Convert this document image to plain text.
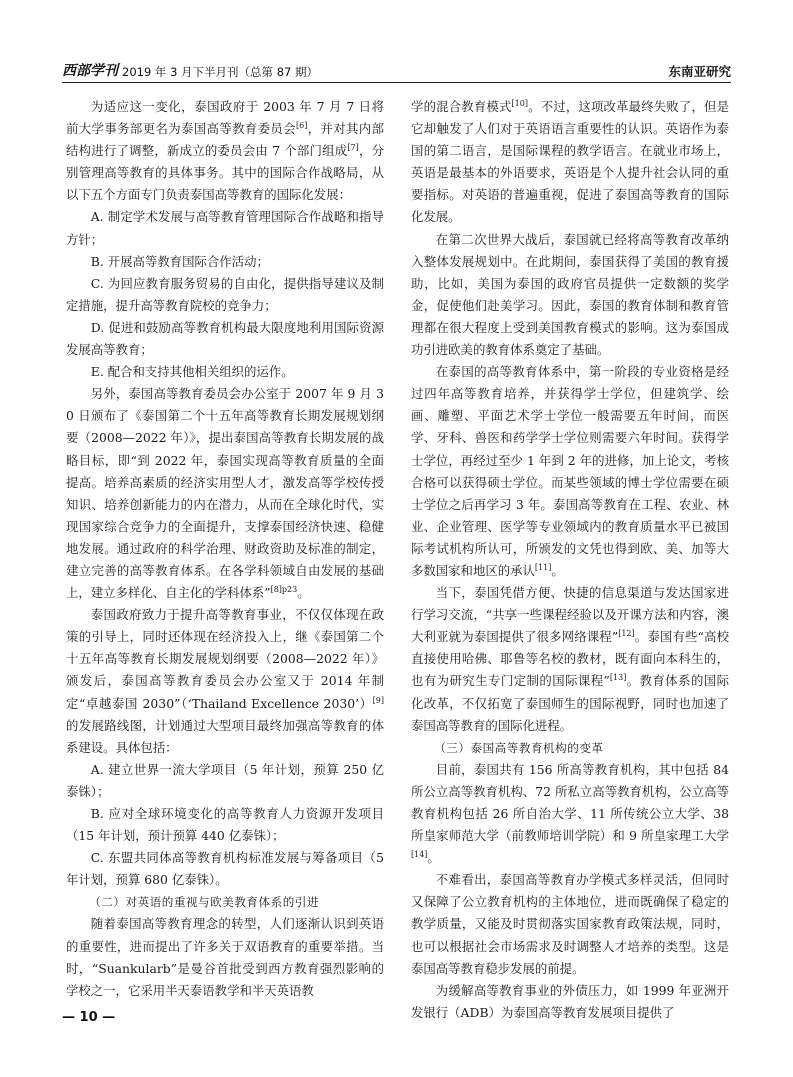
西部学刊 2019 年 3 月下半月刊（总第 87 期）	东南亚研究

为适应这一变化，泰国政府于 2003 年 7 月 7 日将前大学事务部更名为泰国高等教育委员会[6]，并对其内部结构进行了调整，新成立的委员会由 7 个部门组成[7]，分别管理高等教育的具体事务。其中的国际合作战略局，从以下五个方面专门负责泰国高等教育的国际化发展：

A. 制定学术发展与高等教育管理国际合作战略和指导方针；

B. 开展高等教育国际合作活动；

C. 为回应教育服务贸易的自由化，提供指导建议及制定措施，提升高等教育院校的竞争力；

D. 促进和鼓励高等教育机构最大限度地利用国际资源发展高等教育；

E. 配合和支持其他相关组织的运作。

另外，泰国高等教育委员会办公室于 2007 年 9 月 30 日颁布了《泰国第二个十五年高等教育长期发展规划纲要（2008—2022 年）》，提出泰国高等教育长期发展的战略目标，即“到 2022 年，泰国实现高等教育质量的全面提高。培养高素质的经济实用型人才，激发高等学校传授知识、培养创新能力的内在潜力，从而在全球化时代，实现国家综合竞争力的全面提升，支撑泰国经济快速、稳健地发展。通过政府的科学治理、财政资助及标准的制定，建立完善的高等教育体系。在各学科领域自由发展的基础上，建立多样化、自主化的学科体系”$^{[8]p23}$。

泰国政府致力于提升高等教育事业，不仅仅体现在政策的引导上，同时还体现在经济投入上，继《泰国第二个十五年高等教育长期发展规划纲要（2008—2022 年）》颁发后，泰国高等教育委员会办公室又于 2014 年制定“卓越泰国 2030”（‘Thailand Excellence 2030’）[9]的发展路线图，计划通过大型项目最终加强高等教育的体系建设。具体包括：

A. 建立世界一流大学项目（5 年计划，预算 250 亿泰铢）；

B. 应对全球环境变化的高等教育人力资源开发项目（15 年计划，预计预算 440 亿泰铢）；

C. 东盟共同体高等教育机构标准发展与筹备项目（5 年计划，预算 680 亿泰铢）。

（二）对英语的重视与欧美教育体系的引进

随着泰国高等教育理念的转型，人们逐渐认识到英语的重要性，进而提出了许多关于双语教育的重要举措。当时，“Suankularb”是曼谷首批受到西方教育强烈影响的学校之一，它采用半天泰语教学和半天英语教

学的混合教育模式[10]。不过，这项改革最终失败了，但是它却触发了人们对于英语语言重要性的认识。英语作为泰国的第二语言，是国际课程的教学语言。在就业市场上，英语是最基本的外语要求，英语是个人提升社会认同的重要指标。对英语的普遍重视，促进了泰国高等教育的国际化发展。

在第二次世界大战后，泰国就已经将高等教育改革纳入整体发展规划中。在此期间，泰国获得了美国的教育援助，比如，美国为泰国的政府官员提供一定数额的奖学金，促使他们赴美学习。因此，泰国的教育体制和教育管理都在很大程度上受到美国教育模式的影响。这为泰国成功引进欧美的教育体系奠定了基础。

在泰国的高等教育体系中，第一阶段的专业资格是经过四年高等教育培养，并获得学士学位，但建筑学、绘画、雕塑、平面艺术学士学位一般需要五年时间，而医学、牙科、兽医和药学学士学位则需要六年时间。获得学士学位，再经过至少 1 年到 2 年的进修，加上论文，考核合格可以获得硕士学位。而某些领域的博士学位需要在硕士学位之后再学习 3 年。泰国高等教育在工程、农业、林业、企业管理、医学等专业领域内的教育质量水平已被国际考试机构所认可，所颁发的文凭也得到欧、美、加等大多数国家和地区的承认[11]。

当下，泰国凭借方便、快捷的信息渠道与发达国家进行学习交流，“共享一些课程经验以及开课方法和内容，澳大利亚就为泰国提供了很多网络课程”[12]。泰国有些“高校直接使用哈佛、耶鲁等名校的教材，既有面向本科生的，也有为研究生专门定制的国际课程”[13]。教育体系的国际化改革，不仅拓宽了泰国师生的国际视野，同时也加速了泰国高等教育的国际化进程。

（三）泰国高等教育机构的变革

目前，泰国共有 156 所高等教育机构，其中包括 84 所公立高等教育机构、72 所私立高等教育机构，公立高等教育机构包括 26 所自治大学、11 所传统公立大学、38 所皇家师范大学（前教师培训学院）和 9 所皇家理工大学[14]。

不难看出，泰国高等教育办学模式多样灵活，但同时又保障了公立教育机构的主体地位，进而既确保了稳定的教学质量，又能及时贯彻落实国家教育政策法规，同时，也可以根据社会市场需求及时调整人才培养的类型。这是泰国高等教育稳步发展的前提。

为缓解高等教育事业的外债压力，如 1999 年亚洲开发银行（ADB）为泰国高等教育发展项目提供了

— 10 —
